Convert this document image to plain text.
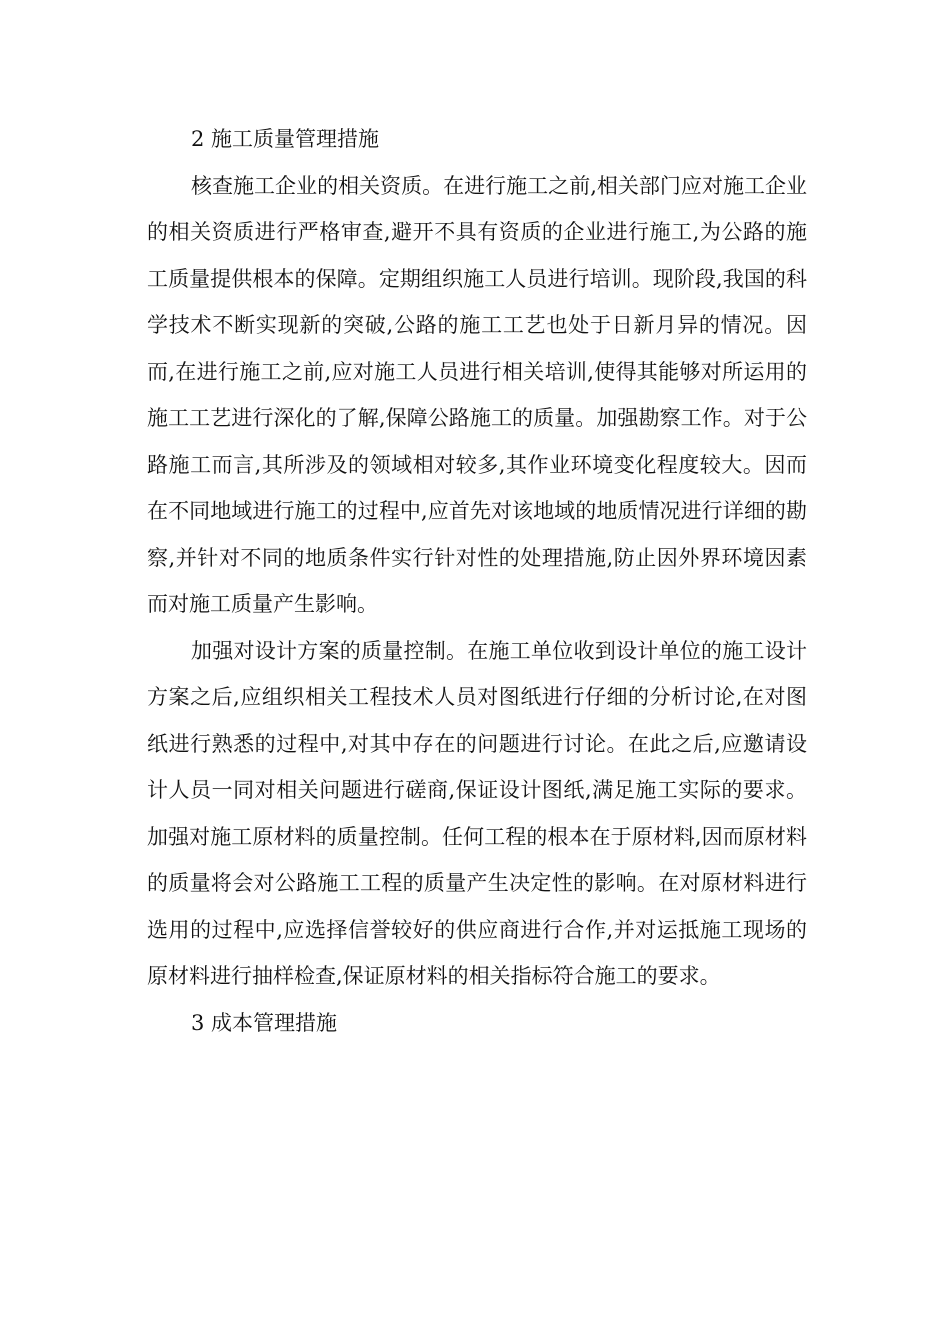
2 施工质量管理措施

核查施工企业的相关资质。在进行施工之前,相关部门应对施工企业的相关资质进行严格审查,避开不具有资质的企业进行施工,为公路的施工质量提供根本的保障。定期组织施工人员进行培训。现阶段,我国的科学技术不断实现新的突破,公路的施工工艺也处于日新月异的情况。因而,在进行施工之前,应对施工人员进行相关培训,使得其能够对所运用的施工工艺进行深化的了解,保障公路施工的质量。加强勘察工作。对于公路施工而言,其所涉及的领域相对较多,其作业环境变化程度较大。因而在不同地域进行施工的过程中,应首先对该地域的地质情况进行详细的勘察,并针对不同的地质条件实行针对性的处理措施,防止因外界环境因素而对施工质量产生影响。

加强对设计方案的质量控制。在施工单位收到设计单位的施工设计方案之后,应组织相关工程技术人员对图纸进行仔细的分析讨论,在对图纸进行熟悉的过程中,对其中存在的问题进行讨论。在此之后,应邀请设计人员一同对相关问题进行磋商,保证设计图纸,满足施工实际的要求。加强对施工原材料的质量控制。任何工程的根本在于原材料,因而原材料的质量将会对公路施工工程的质量产生决定性的影响。在对原材料进行选用的过程中,应选择信誉较好的供应商进行合作,并对运抵施工现场的原材料进行抽样检查,保证原材料的相关指标符合施工的要求。

3 成本管理措施
